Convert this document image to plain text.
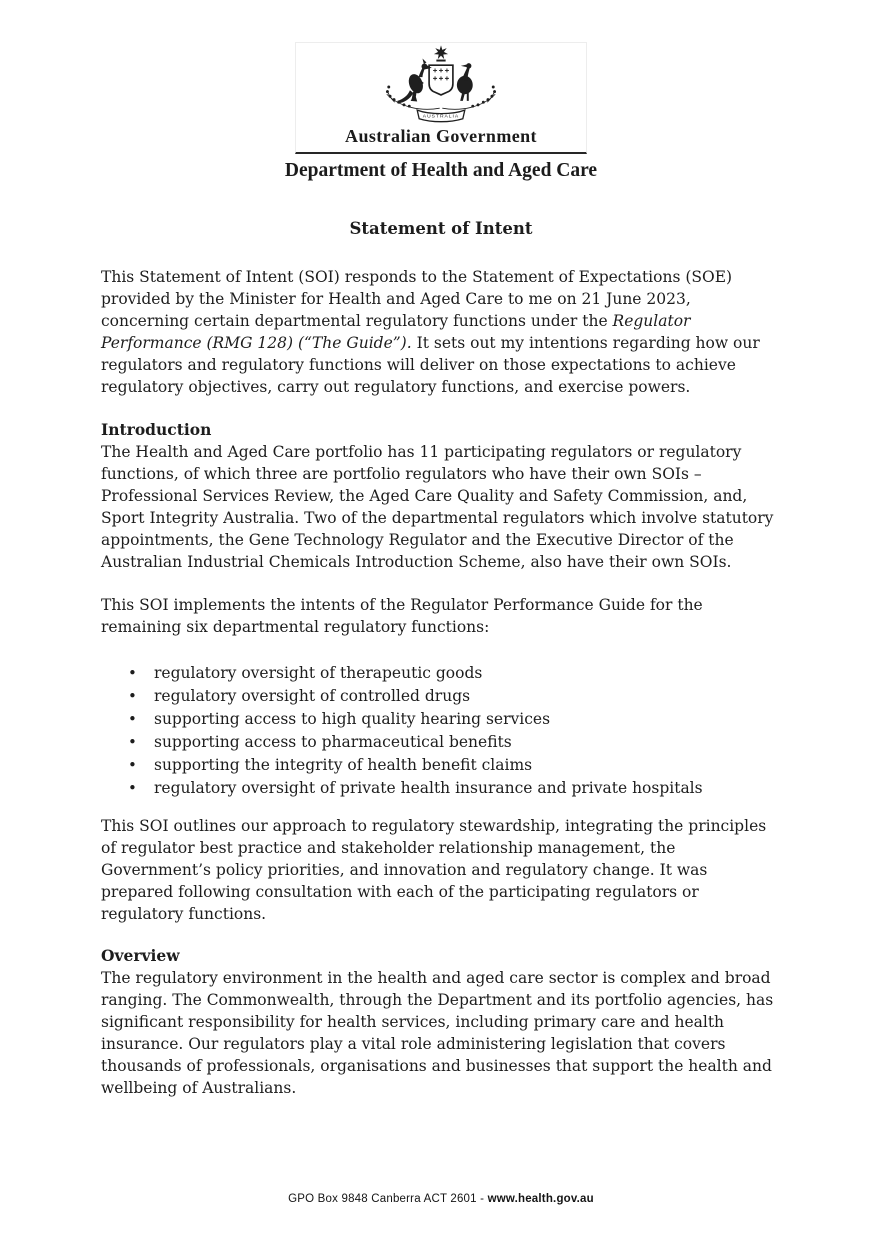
AUSTRALIA
Australian Government
Department of Health and Aged Care
Statement of Intent

This Statement of Intent (SOI) responds to the Statement of Expectations (SOE) provided by the Minister for Health and Aged Care to me on 21 June 2023, concerning certain departmental regulatory functions under the Regulator Performance (RMG 128) (“The Guide”). It sets out my intentions regarding how our regulators and regulatory functions will deliver on those expectations to achieve regulatory objectives, carry out regulatory functions, and exercise powers.

Introduction

The Health and Aged Care portfolio has 11 participating regulators or regulatory functions, of which three are portfolio regulators who have their own SOIs – Professional Services Review, the Aged Care Quality and Safety Commission, and, Sport Integrity Australia. Two of the departmental regulators which involve statutory appointments, the Gene Technology Regulator and the Executive Director of the Australian Industrial Chemicals Introduction Scheme, also have their own SOIs.

This SOI implements the intents of the Regulator Performance Guide for the remaining six departmental regulatory functions:

• regulatory oversight of therapeutic goods
• regulatory oversight of controlled drugs
• supporting access to high quality hearing services
• supporting access to pharmaceutical benefits
• supporting the integrity of health benefit claims
• regulatory oversight of private health insurance and private hospitals

This SOI outlines our approach to regulatory stewardship, integrating the principles of regulator best practice and stakeholder relationship management, the Government’s policy priorities, and innovation and regulatory change. It was prepared following consultation with each of the participating regulators or regulatory functions.

Overview

The regulatory environment in the health and aged care sector is complex and broad ranging. The Commonwealth, through the Department and its portfolio agencies, has significant responsibility for health services, including primary care and health insurance. Our regulators play a vital role administering legislation that covers thousands of professionals, organisations and businesses that support the health and wellbeing of Australians.

GPO Box 9848 Canberra ACT 2601 - www.health.gov.au
